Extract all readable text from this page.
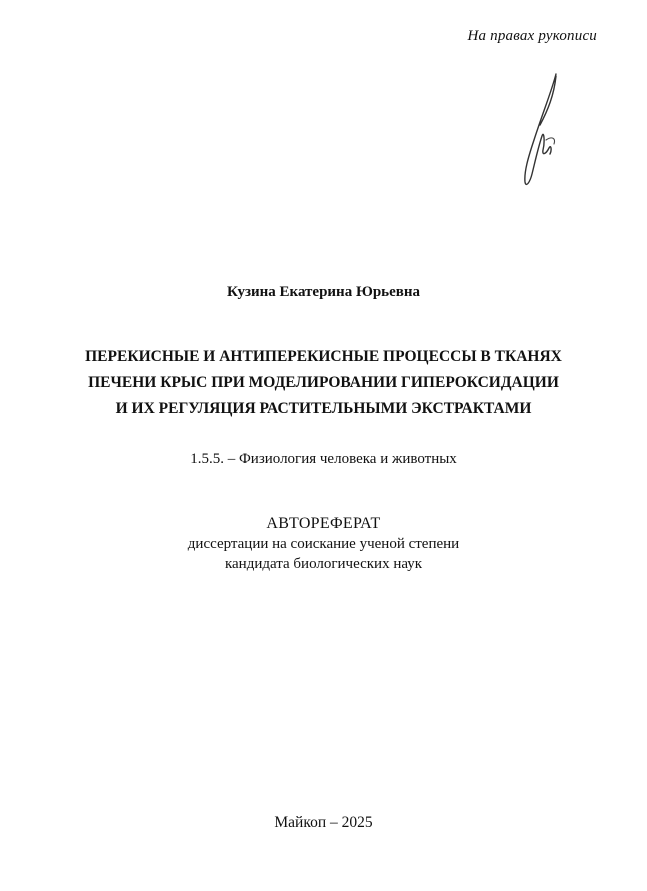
На правах рукописи
Кузина Екатерина Юрьевна
ПЕРЕКИСНЫЕ И АНТИПЕРЕКИСНЫЕ ПРОЦЕССЫ В ТКАНЯХ
ПЕЧЕНИ КРЫС ПРИ МОДЕЛИРОВАНИИ ГИПЕРОКСИДАЦИИ
И ИХ РЕГУЛЯЦИЯ РАСТИТЕЛЬНЫМИ ЭКСТРАКТАМИ
1.5.5. – Физиология человека и животных
АВТОРЕФЕРАТ
диссертации на соискание ученой степени
кандидата биологических наук
Майкоп – 2025
